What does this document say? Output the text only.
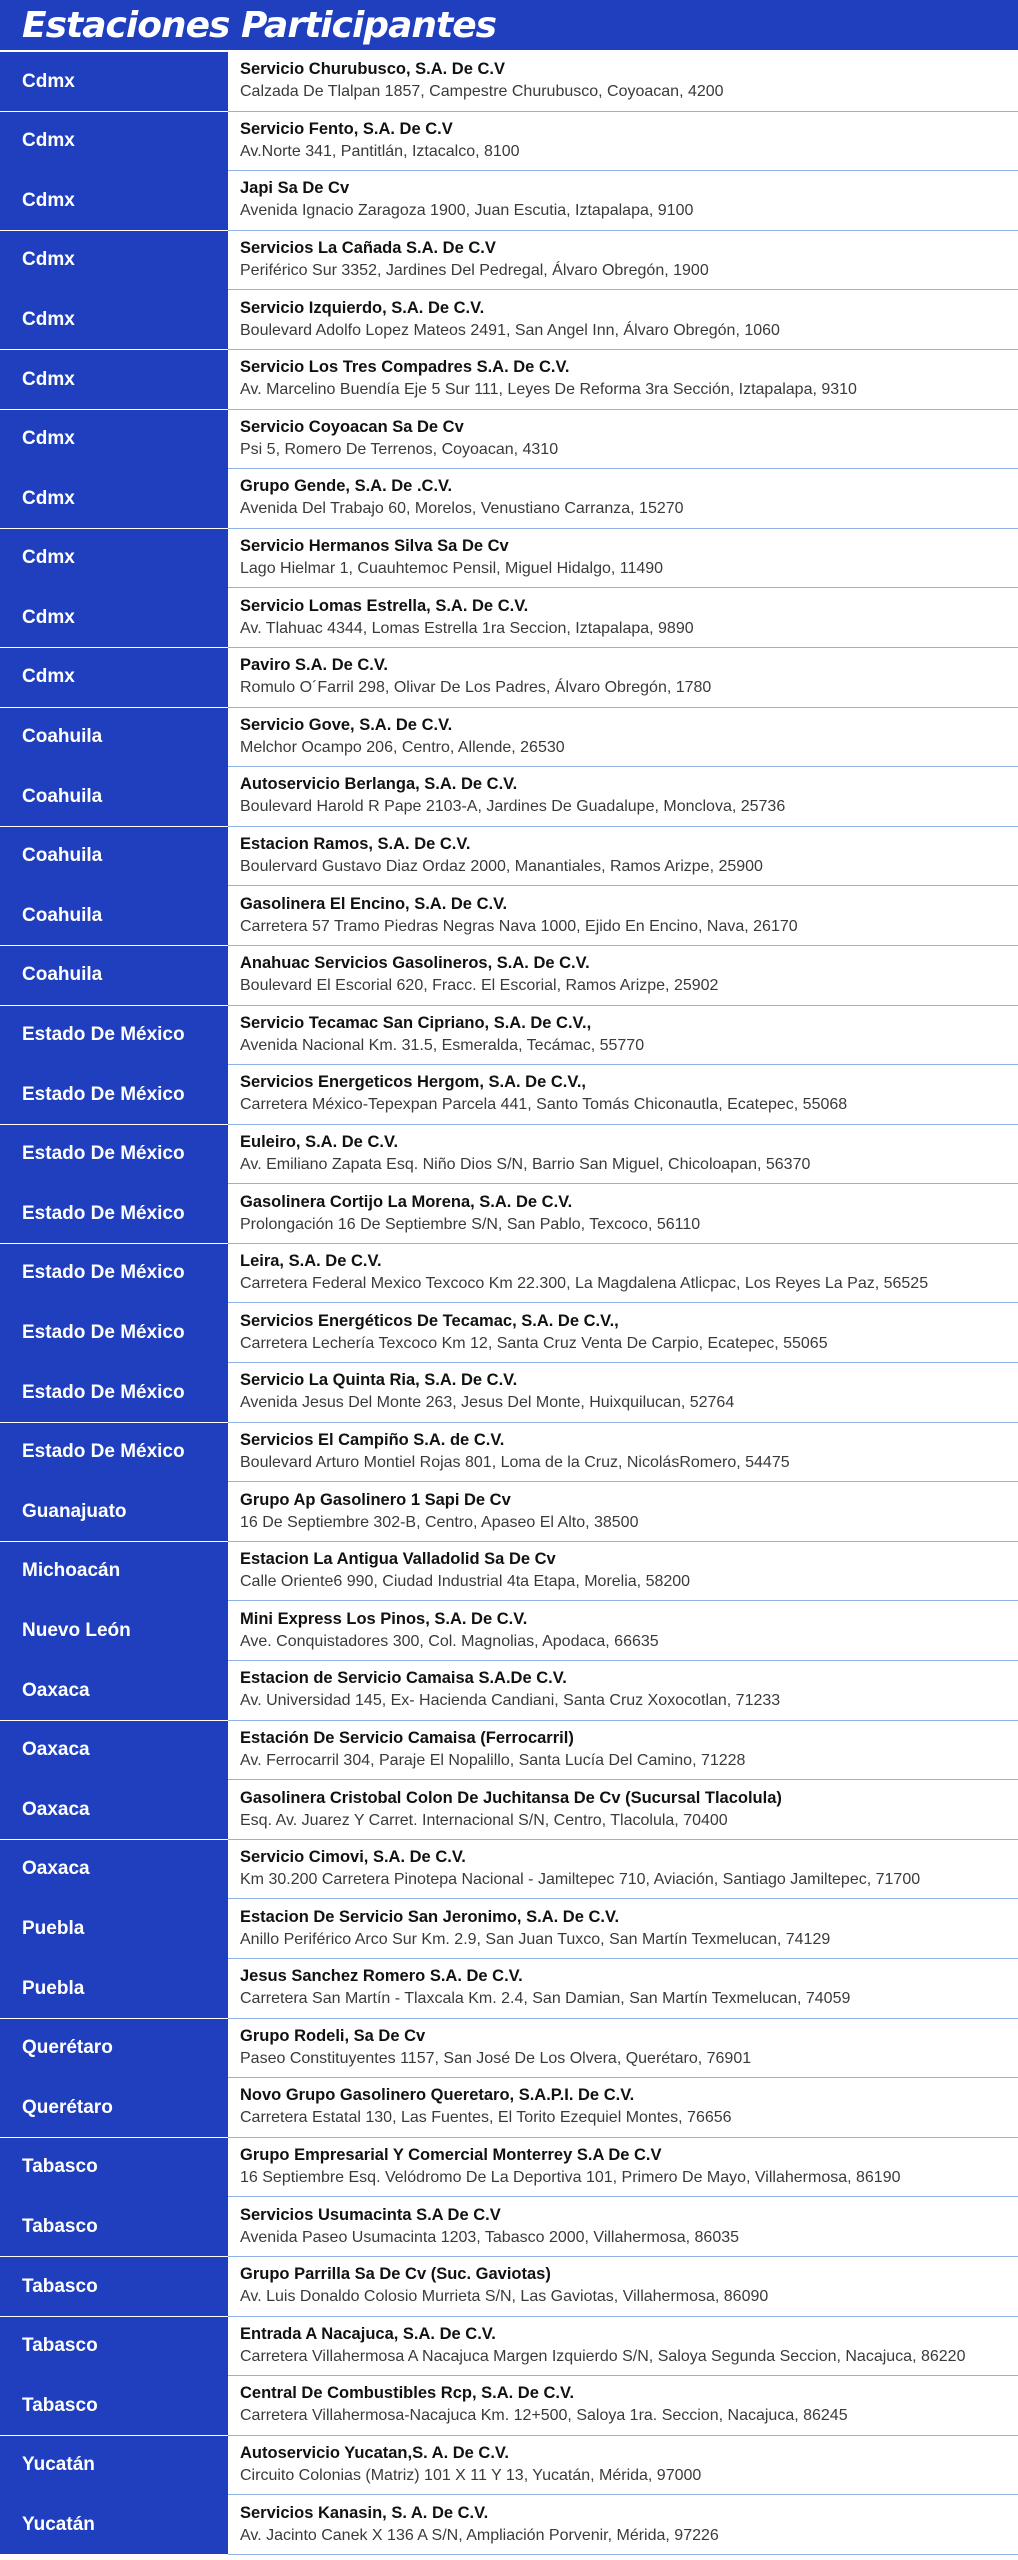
Estaciones Participantes
Cdmx
Servicio Churubusco, S.A. De C.V
Calzada De Tlalpan 1857, Campestre Churubusco, Coyoacan, 4200
Cdmx
Servicio Fento, S.A. De C.V
Av.Norte 341, Pantitlán, Iztacalco, 8100
Cdmx
Japi Sa De Cv
Avenida Ignacio Zaragoza 1900, Juan Escutia, Iztapalapa, 9100
Cdmx
Servicios La Cañada S.A. De C.V
Periférico Sur 3352, Jardines Del Pedregal, Álvaro Obregón, 1900
Cdmx
Servicio Izquierdo, S.A. De C.V.
Boulevard Adolfo Lopez Mateos 2491, San Angel Inn, Álvaro Obregón, 1060
Cdmx
Servicio Los Tres Compadres S.A. De C.V.
Av. Marcelino Buendía Eje 5 Sur 111, Leyes De Reforma 3ra Sección, Iztapalapa, 9310
Cdmx
Servicio Coyoacan Sa De Cv
Psi 5, Romero De Terrenos, Coyoacan, 4310
Cdmx
Grupo Gende, S.A. De .C.V.
Avenida Del Trabajo 60, Morelos, Venustiano Carranza, 15270
Cdmx
Servicio Hermanos Silva Sa De Cv
Lago Hielmar 1, Cuauhtemoc Pensil, Miguel Hidalgo, 11490
Cdmx
Servicio Lomas Estrella, S.A. De C.V.
Av. Tlahuac 4344, Lomas Estrella 1ra Seccion, Iztapalapa, 9890
Cdmx
Paviro S.A. De C.V.
Romulo O´Farril 298, Olivar De Los Padres, Álvaro Obregón, 1780
Coahuila
Servicio Gove, S.A. De C.V.
Melchor Ocampo 206, Centro, Allende, 26530
Coahuila
Autoservicio Berlanga, S.A. De C.V.
Boulevard Harold R Pape 2103-A, Jardines De Guadalupe, Monclova, 25736
Coahuila
Estacion Ramos, S.A. De C.V.
Boulervard Gustavo Diaz Ordaz 2000, Manantiales, Ramos Arizpe, 25900
Coahuila
Gasolinera El Encino, S.A. De C.V.
Carretera 57 Tramo Piedras Negras Nava 1000, Ejido En Encino, Nava, 26170
Coahuila
Anahuac Servicios Gasolineros, S.A. De C.V.
Boulevard El Escorial 620, Fracc. El Escorial, Ramos Arizpe, 25902
Estado De México
Servicio Tecamac San Cipriano, S.A. De C.V.,
Avenida Nacional Km. 31.5, Esmeralda, Tecámac, 55770
Estado De México
Servicios Energeticos Hergom, S.A. De C.V.,
Carretera México-Tepexpan Parcela 441, Santo Tomás Chiconautla, Ecatepec, 55068
Estado De México
Euleiro, S.A. De C.V.
Av. Emiliano Zapata Esq. Niño Dios S/N, Barrio San Miguel, Chicoloapan, 56370
Estado De México
Gasolinera Cortijo La Morena, S.A. De C.V.
Prolongación 16 De Septiembre S/N, San Pablo, Texcoco, 56110
Estado De México
Leira, S.A. De C.V.
Carretera Federal Mexico Texcoco Km 22.300, La Magdalena Atlicpac, Los Reyes La Paz, 56525
Estado De México
Servicios Energéticos De Tecamac, S.A. De C.V.,
Carretera Lechería Texcoco Km 12, Santa Cruz Venta De Carpio, Ecatepec, 55065
Estado De México
Servicio La Quinta Ria, S.A. De C.V.
Avenida Jesus Del Monte 263, Jesus Del Monte, Huixquilucan, 52764
Estado De México
Servicios El Campiño S.A. de C.V.
Boulevard Arturo Montiel Rojas 801, Loma de la Cruz, NicolásRomero, 54475
Guanajuato
Grupo Ap Gasolinero 1 Sapi De Cv
16 De Septiembre 302-B, Centro, Apaseo El Alto, 38500
Michoacán
Estacion La Antigua Valladolid Sa De Cv
Calle Oriente6 990, Ciudad Industrial 4ta Etapa, Morelia, 58200
Nuevo León
Mini Express Los Pinos, S.A. De C.V.
Ave. Conquistadores 300, Col. Magnolias, Apodaca, 66635
Oaxaca
Estacion de Servicio Camaisa S.A.De C.V.
Av. Universidad 145, Ex- Hacienda Candiani, Santa Cruz Xoxocotlan, 71233
Oaxaca
Estación De Servicio Camaisa (Ferrocarril)
Av. Ferrocarril 304, Paraje El Nopalillo, Santa Lucía Del Camino, 71228
Oaxaca
Gasolinera Cristobal Colon De Juchitansa De Cv (Sucursal Tlacolula)
Esq. Av. Juarez Y Carret. Internacional S/N, Centro, Tlacolula, 70400
Oaxaca
Servicio Cimovi, S.A. De C.V.
Km 30.200 Carretera Pinotepa Nacional - Jamiltepec 710, Aviación, Santiago Jamiltepec, 71700
Puebla
Estacion De Servicio San Jeronimo, S.A. De C.V.
Anillo Periférico Arco Sur Km. 2.9, San Juan Tuxco, San Martín Texmelucan, 74129
Puebla
Jesus Sanchez Romero S.A. De C.V.
Carretera San Martín - Tlaxcala Km. 2.4, San Damian, San Martín Texmelucan, 74059
Querétaro
Grupo Rodeli, Sa De Cv
Paseo Constituyentes 1157, San José De Los Olvera, Querétaro, 76901
Querétaro
Novo Grupo Gasolinero Queretaro, S.A.P.I. De C.V.
Carretera Estatal 130, Las Fuentes, El Torito Ezequiel Montes, 76656
Tabasco
Grupo Empresarial Y Comercial Monterrey S.A De C.V
16 Septiembre Esq. Velódromo De La Deportiva 101, Primero De Mayo, Villahermosa, 86190
Tabasco
Servicios Usumacinta S.A De C.V
Avenida Paseo Usumacinta 1203, Tabasco 2000, Villahermosa, 86035
Tabasco
Grupo Parrilla Sa De Cv (Suc. Gaviotas)
Av. Luis Donaldo Colosio Murrieta S/N, Las Gaviotas, Villahermosa, 86090
Tabasco
Entrada A Nacajuca, S.A. De C.V.
Carretera Villahermosa A Nacajuca Margen Izquierdo S/N, Saloya Segunda Seccion, Nacajuca, 86220
Tabasco
Central De Combustibles Rcp, S.A. De C.V.
Carretera Villahermosa-Nacajuca Km. 12+500, Saloya 1ra. Seccion, Nacajuca, 86245
Yucatán
Autoservicio Yucatan,S. A. De C.V.
Circuito Colonias (Matriz) 101 X 11 Y 13, Yucatán, Mérida, 97000
Yucatán
Servicios Kanasin, S. A. De C.V.
Av. Jacinto Canek X 136 A S/N, Ampliación Porvenir, Mérida, 97226
